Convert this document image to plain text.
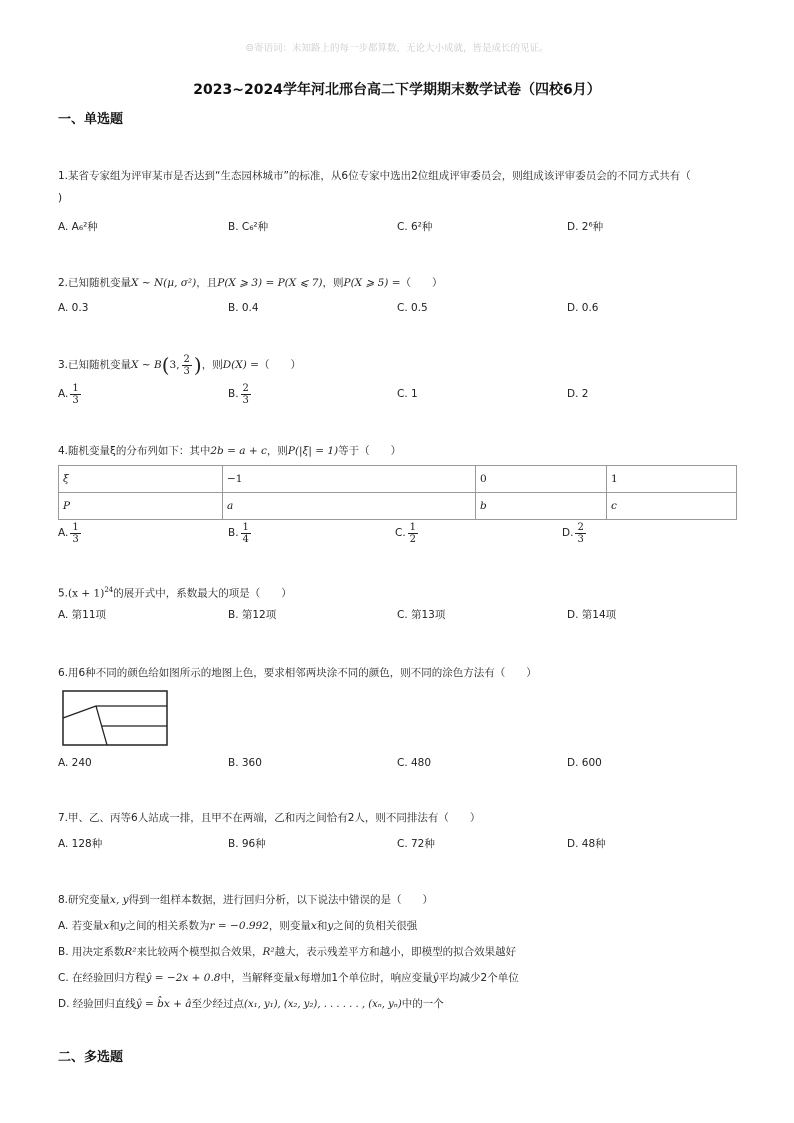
☺寄语词：未知路上的每一步都算数，无论大小成就，皆是成长的见证。
2023~2024学年河北邢台高二下学期期末数学试卷（四校6月）
一、单选题
1.某省专家组为评审某市是否达到“生态园林城市”的标准，从6位专家中选出2位组成评审委员会，则组成该评审委员会的不同方式共有（
)
A. A₆²种	B. C₆²种	C. 6²种	D. 2⁶种
2.已知随机变量X ∼ N(μ, σ²)，且P(X ⩾ 3) = P(X ⩽ 7)，则P(X ⩾ 5) =（　　）
A. 0.3	B. 0.4	C. 0.5	D. 0.6
3.已知随机变量X ∼ B(3, $\frac{2}{3}$ )，则D(X) =（　　）
A. $\frac{1}{3}$	B. $\frac{2}{3}$	C. 1	D. 2
4.随机变量ξ的分布列如下：其中2b = a + c，则P(|ξ| = 1)等于（　　）
ξ	−1	0	1
P	a	b	c
A. $\frac{1}{3}$	B. $\frac{1}{4}$	C. $\frac{1}{2}$	D. $\frac{2}{3}$
$5.(x + 1)^{24}$的展开式中，系数最大的项是（　　）
A. 第11项	B. 第12项	C. 第13项	D. 第14项
6.用6种不同的颜色给如图所示的地图上色，要求相邻两块涂不同的颜色，则不同的涂色方法有（　　）
A. 240	B. 360	C. 480	D. 600
7.甲、乙、丙等6人站成一排，且甲不在两端，乙和丙之间恰有2人，则不同排法有（　　）
A. 128种	B. 96种	C. 72种	D. 48种
8.研究变量x, y得到一组样本数据，进行回归分析，以下说法中错误的是（　　）
A. 若变量x和y之间的相关系数为r = −0.992，则变量x和y之间的负相关很强
B. 用决定系数R²来比较两个模型拟合效果，R²越大，表示残差平方和越小，即模型的拟合效果越好
C. 在经验回归方程ŷ = −2x + 0.8中，当解释变量x每增加1个单位时，响应变量ŷ平均减少2个单位
D. 经验回归直线ŷ = b̂x + â至少经过点(x₁, y₁), (x₂, y₂), . . . . . . , (xₙ, yₙ)中的一个
二、多选题
